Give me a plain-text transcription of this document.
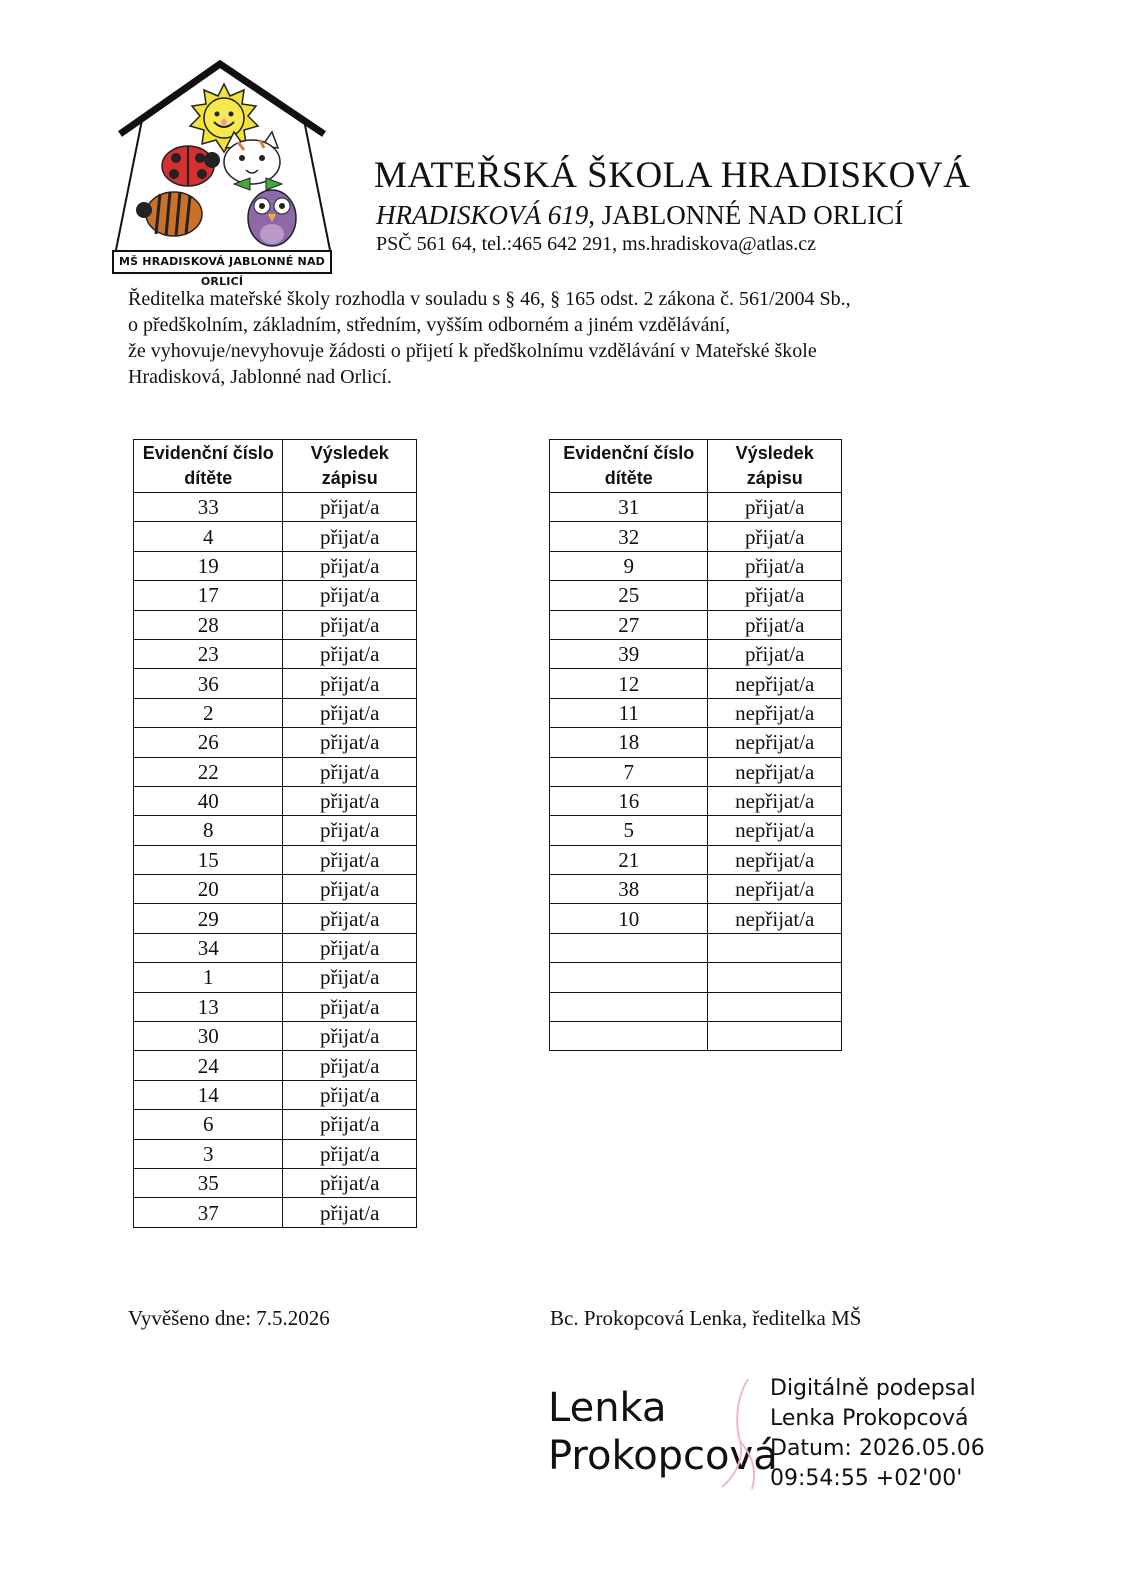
MŠ HRADISKOVÁ JABLONNÉ NAD ORLICÍ
MATEŘSKÁ ŠKOLA HRADISKOVÁ
HRADISKOVÁ 619, JABLONNÉ NAD ORLICÍ
PSČ 561 64, tel.:465 642 291, ms.hradiskova@atlas.cz

Ředitelka mateřské školy rozhodla v souladu s § 46, § 165 odst. 2 zákona č. 561/2004 Sb.,

o předškolním, základním, středním, vyšším odborném a jiném vzdělávání,

že vyhovuje/nevyhovuje žádosti o přijetí k předškolnímu vzdělávání v Mateřské škole

Hradisková, Jablonné nad Orlicí.

Evidenční číslo dítěte	Výsledek zápisu
33	přijat/a
4	přijat/a
19	přijat/a
17	přijat/a
28	přijat/a
23	přijat/a
36	přijat/a
2	přijat/a
26	přijat/a
22	přijat/a
40	přijat/a
8	přijat/a
15	přijat/a
20	přijat/a
29	přijat/a
34	přijat/a
1	přijat/a
13	přijat/a
30	přijat/a
24	přijat/a
14	přijat/a
6	přijat/a
3	přijat/a
35	přijat/a
37	přijat/a
Evidenční číslo dítěte	Výsledek zápisu
31	přijat/a
32	přijat/a
9	přijat/a
25	přijat/a
27	přijat/a
39	přijat/a
12	nepřijat/a
11	nepřijat/a
18	nepřijat/a
7	nepřijat/a
16	nepřijat/a
5	nepřijat/a
21	nepřijat/a
38	nepřijat/a
10	nepřijat/a

Vyvěšeno dne: 7.5.2026	Bc. Prokopcová Lenka, ředitelka MŠ
Lenka
Prokopcová
Digitálně podepsal
Lenka Prokopcová
Datum: 2026.05.06
09:54:55 +02'00'
